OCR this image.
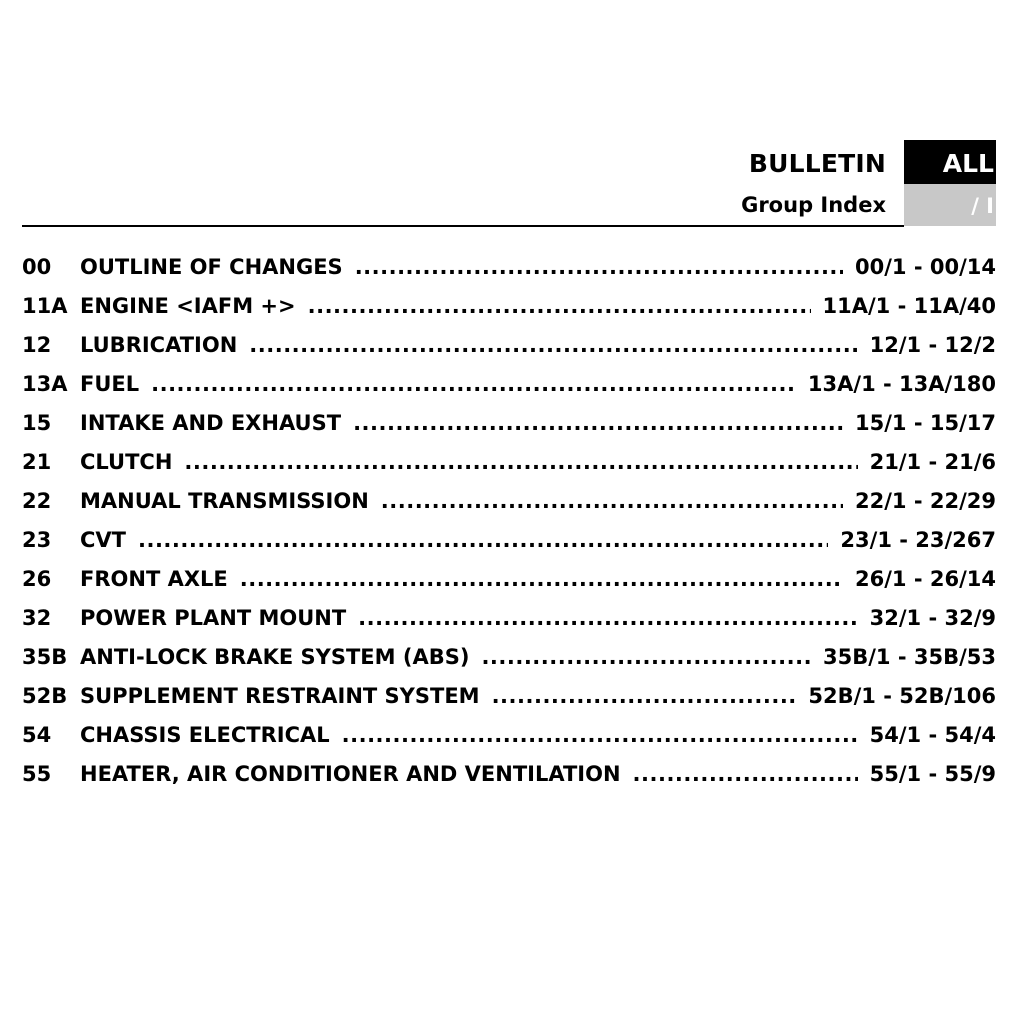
BULLETIN
Group Index
ALL
/ I
00	OUTLINE OF CHANGES .....	00/1 - 00/14
11A ENGINE <IAFM +> .....	11A/1 - 11A/40
12	LUBRICATION .....	12/1 - 12/2
13A FUEL .....	13A/1 - 13A/180
15	INTAKE AND EXHAUST .....	15/1 - 15/17
21	CLUTCH .....	21/1 - 21/6
22	MANUAL TRANSMISSION .....	22/1 - 22/29
23	CVT .....	23/1 - 23/267
26	FRONT AXLE .....	26/1 - 26/14
32	POWER PLANT MOUNT .....	32/1 - 32/9
35B ANTI-LOCK BRAKE SYSTEM (ABS) .....	35B/1 - 35B/53
52B SUPPLEMENT RESTRAINT SYSTEM .....	52B/1 - 52B/106
54	CHASSIS ELECTRICAL .....	54/1 - 54/4
55	HEATER, AIR CONDITIONER AND VENTILATION .....	55/1 - 55/9
